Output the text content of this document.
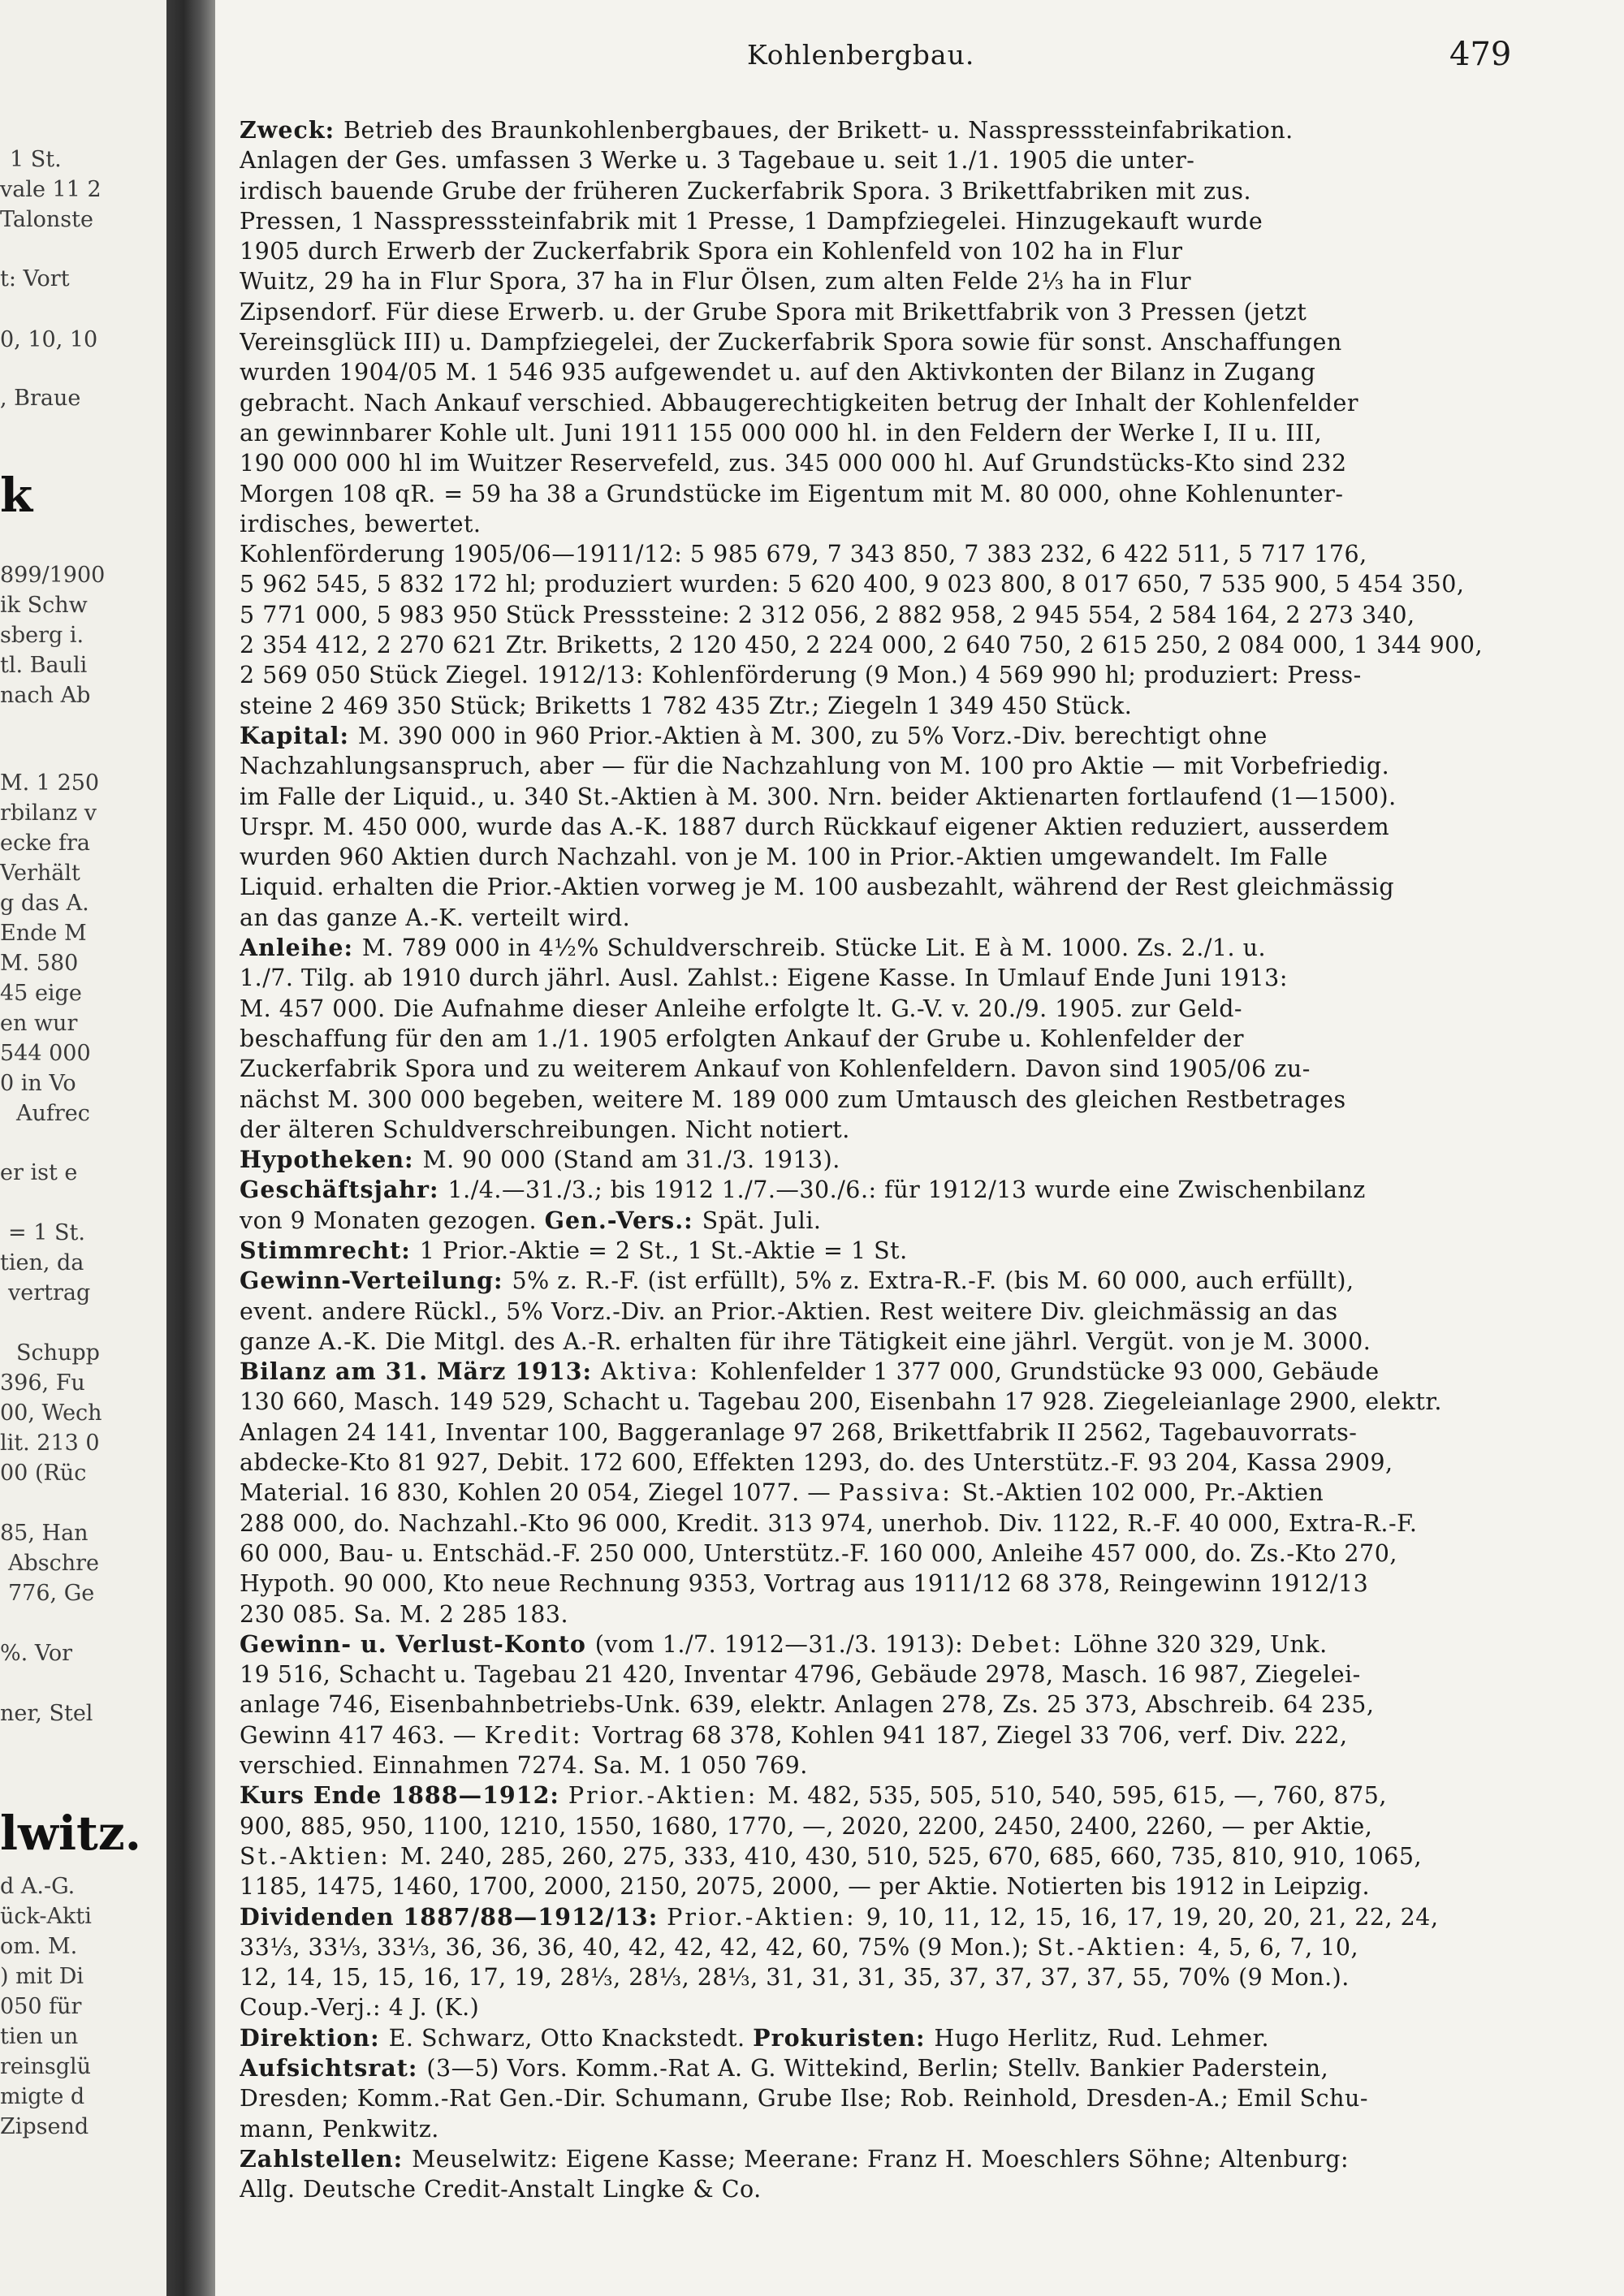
1 St.
vale 11 2
Talonste
t: Vort
0, 10, 10
, Braue
899/1900
ik Schw
sberg i.
tl. Bauli
nach Ab
M. 1 250
rbilanz v
ecke fra
Verhält
g das A.
Ende M
M. 580
45 eige
en wur
544 000
0 in Vo
Aufrec
er ist e
= 1 St.
tien, da
vertrag
Schupp
396, Fu
00, Wech
lit. 213 0
00 (Rüc
85, Han
Abschre
776, Ge
%. Vor
ner, Stel
d A.-G.
ück-Akti
om. M.
) mit Di
050 für
tien un
reinsglü
migte d
Zipsend
k
lwitz.
Kohlenbergbau.	479
Zweck: Betrieb des Braunkohlenbergbaues, der Brikett- u. Nasspresssteinfabrikation.
Anlagen der Ges. umfassen 3 Werke u. 3 Tagebaue u. seit 1./1. 1905 die unter-
irdisch bauende Grube der früheren Zuckerfabrik Spora. 3 Brikettfabriken mit zus.
Pressen, 1 Nasspresssteinfabrik mit 1 Presse, 1 Dampfziegelei. Hinzugekauft wurde
1905 durch Erwerb der Zuckerfabrik Spora ein Kohlenfeld von 102 ha in Flur
Wuitz, 29 ha in Flur Spora, 37 ha in Flur Ölsen, zum alten Felde 2⅓ ha in Flur
Zipsendorf. Für diese Erwerb. u. der Grube Spora mit Brikettfabrik von 3 Pressen (jetzt
Vereinsglück III) u. Dampfziegelei, der Zuckerfabrik Spora sowie für sonst. Anschaffungen
wurden 1904/05 M. 1 546 935 aufgewendet u. auf den Aktivkonten der Bilanz in Zugang
gebracht. Nach Ankauf verschied. Abbaugerechtigkeiten betrug der Inhalt der Kohlenfelder
an gewinnbarer Kohle ult. Juni 1911 155 000 000 hl. in den Feldern der Werke I, II u. III,
190 000 000 hl im Wuitzer Reservefeld, zus. 345 000 000 hl. Auf Grundstücks-Kto sind 232
Morgen 108 qR. = 59 ha 38 a Grundstücke im Eigentum mit M. 80 000, ohne Kohlenunter-
irdisches, bewertet.
Kohlenförderung 1905/06—1911/12: 5 985 679, 7 343 850, 7 383 232, 6 422 511, 5 717 176,
5 962 545, 5 832 172 hl; produziert wurden: 5 620 400, 9 023 800, 8 017 650, 7 535 900, 5 454 350,
5 771 000, 5 983 950 Stück Presssteine: 2 312 056, 2 882 958, 2 945 554, 2 584 164, 2 273 340,
2 354 412, 2 270 621 Ztr. Briketts, 2 120 450, 2 224 000, 2 640 750, 2 615 250, 2 084 000, 1 344 900,
2 569 050 Stück Ziegel. 1912/13: Kohlenförderung (9 Mon.) 4 569 990 hl; produziert: Press-
steine 2 469 350 Stück; Briketts 1 782 435 Ztr.; Ziegeln 1 349 450 Stück.
Kapital: M. 390 000 in 960 Prior.-Aktien à M. 300, zu 5% Vorz.-Div. berechtigt ohne
Nachzahlungsanspruch, aber — für die Nachzahlung von M. 100 pro Aktie — mit Vorbefriedig.
im Falle der Liquid., u. 340 St.-Aktien à M. 300. Nrn. beider Aktienarten fortlaufend (1—1500).
Urspr. M. 450 000, wurde das A.-K. 1887 durch Rückkauf eigener Aktien reduziert, ausserdem
wurden 960 Aktien durch Nachzahl. von je M. 100 in Prior.-Aktien umgewandelt. Im Falle
Liquid. erhalten die Prior.-Aktien vorweg je M. 100 ausbezahlt, während der Rest gleichmässig
an das ganze A.-K. verteilt wird.
Anleihe: M. 789 000 in 4½% Schuldverschreib. Stücke Lit. E à M. 1000. Zs. 2./1. u.
1./7. Tilg. ab 1910 durch jährl. Ausl. Zahlst.: Eigene Kasse. In Umlauf Ende Juni 1913:
M. 457 000. Die Aufnahme dieser Anleihe erfolgte lt. G.-V. v. 20./9. 1905. zur Geld-
beschaffung für den am 1./1. 1905 erfolgten Ankauf der Grube u. Kohlenfelder der
Zuckerfabrik Spora und zu weiterem Ankauf von Kohlenfeldern. Davon sind 1905/06 zu-
nächst M. 300 000 begeben, weitere M. 189 000 zum Umtausch des gleichen Restbetrages
der älteren Schuldverschreibungen. Nicht notiert.
Hypotheken: M. 90 000 (Stand am 31./3. 1913).
Geschäftsjahr: 1./4.—31./3.; bis 1912 1./7.—30./6.: für 1912/13 wurde eine Zwischenbilanz
von 9 Monaten gezogen. Gen.-Vers.: Spät. Juli.
Stimmrecht: 1 Prior.-Aktie = 2 St., 1 St.-Aktie = 1 St.
Gewinn-Verteilung: 5% z. R.-F. (ist erfüllt), 5% z. Extra-R.-F. (bis M. 60 000, auch erfüllt),
event. andere Rückl., 5% Vorz.-Div. an Prior.-Aktien. Rest weitere Div. gleichmässig an das
ganze A.-K. Die Mitgl. des A.-R. erhalten für ihre Tätigkeit eine jährl. Vergüt. von je M. 3000.
Bilanz am 31. März 1913: Aktiva: Kohlenfelder 1 377 000, Grundstücke 93 000, Gebäude
130 660, Masch. 149 529, Schacht u. Tagebau 200, Eisenbahn 17 928. Ziegeleianlage 2900, elektr.
Anlagen 24 141, Inventar 100, Baggeranlage 97 268, Brikettfabrik II 2562, Tagebauvorrats-
abdecke-Kto 81 927, Debit. 172 600, Effekten 1293, do. des Unterstütz.-F. 93 204, Kassa 2909,
Material. 16 830, Kohlen 20 054, Ziegel 1077. — Passiva: St.-Aktien 102 000, Pr.-Aktien
288 000, do. Nachzahl.-Kto 96 000, Kredit. 313 974, unerhob. Div. 1122, R.-F. 40 000, Extra-R.-F.
60 000, Bau- u. Entschäd.-F. 250 000, Unterstütz.-F. 160 000, Anleihe 457 000, do. Zs.-Kto 270,
Hypoth. 90 000, Kto neue Rechnung 9353, Vortrag aus 1911/12 68 378, Reingewinn 1912/13
230 085. Sa. M. 2 285 183.
Gewinn- u. Verlust-Konto (vom 1./7. 1912—31./3. 1913): Debet: Löhne 320 329, Unk.
19 516, Schacht u. Tagebau 21 420, Inventar 4796, Gebäude 2978, Masch. 16 987, Ziegelei-
anlage 746, Eisenbahnbetriebs-Unk. 639, elektr. Anlagen 278, Zs. 25 373, Abschreib. 64 235,
Gewinn 417 463. — Kredit: Vortrag 68 378, Kohlen 941 187, Ziegel 33 706, verf. Div. 222,
verschied. Einnahmen 7274. Sa. M. 1 050 769.
Kurs Ende 1888—1912: Prior.-Aktien: M. 482, 535, 505, 510, 540, 595, 615, —, 760, 875,
900, 885, 950, 1100, 1210, 1550, 1680, 1770, —, 2020, 2200, 2450, 2400, 2260, — per Aktie,
St.-Aktien: M. 240, 285, 260, 275, 333, 410, 430, 510, 525, 670, 685, 660, 735, 810, 910, 1065,
1185, 1475, 1460, 1700, 2000, 2150, 2075, 2000, — per Aktie. Notierten bis 1912 in Leipzig.
Dividenden 1887/88—1912/13: Prior.-Aktien: 9, 10, 11, 12, 15, 16, 17, 19, 20, 20, 21, 22, 24,
33⅓, 33⅓, 33⅓, 36, 36, 36, 40, 42, 42, 42, 42, 60, 75% (9 Mon.); St.-Aktien: 4, 5, 6, 7, 10,
12, 14, 15, 15, 16, 17, 19, 28⅓, 28⅓, 28⅓, 31, 31, 31, 35, 37, 37, 37, 37, 55, 70% (9 Mon.).
Coup.-Verj.: 4 J. (K.)
Direktion: E. Schwarz, Otto Knackstedt. Prokuristen: Hugo Herlitz, Rud. Lehmer.
Aufsichtsrat: (3—5) Vors. Komm.-Rat A. G. Wittekind, Berlin; Stellv. Bankier Paderstein,
Dresden; Komm.-Rat Gen.-Dir. Schumann, Grube Ilse; Rob. Reinhold, Dresden-A.; Emil Schu-
mann, Penkwitz.
Zahlstellen: Meuselwitz: Eigene Kasse; Meerane: Franz H. Moeschlers Söhne; Altenburg:
Allg. Deutsche Credit-Anstalt Lingke & Co.
